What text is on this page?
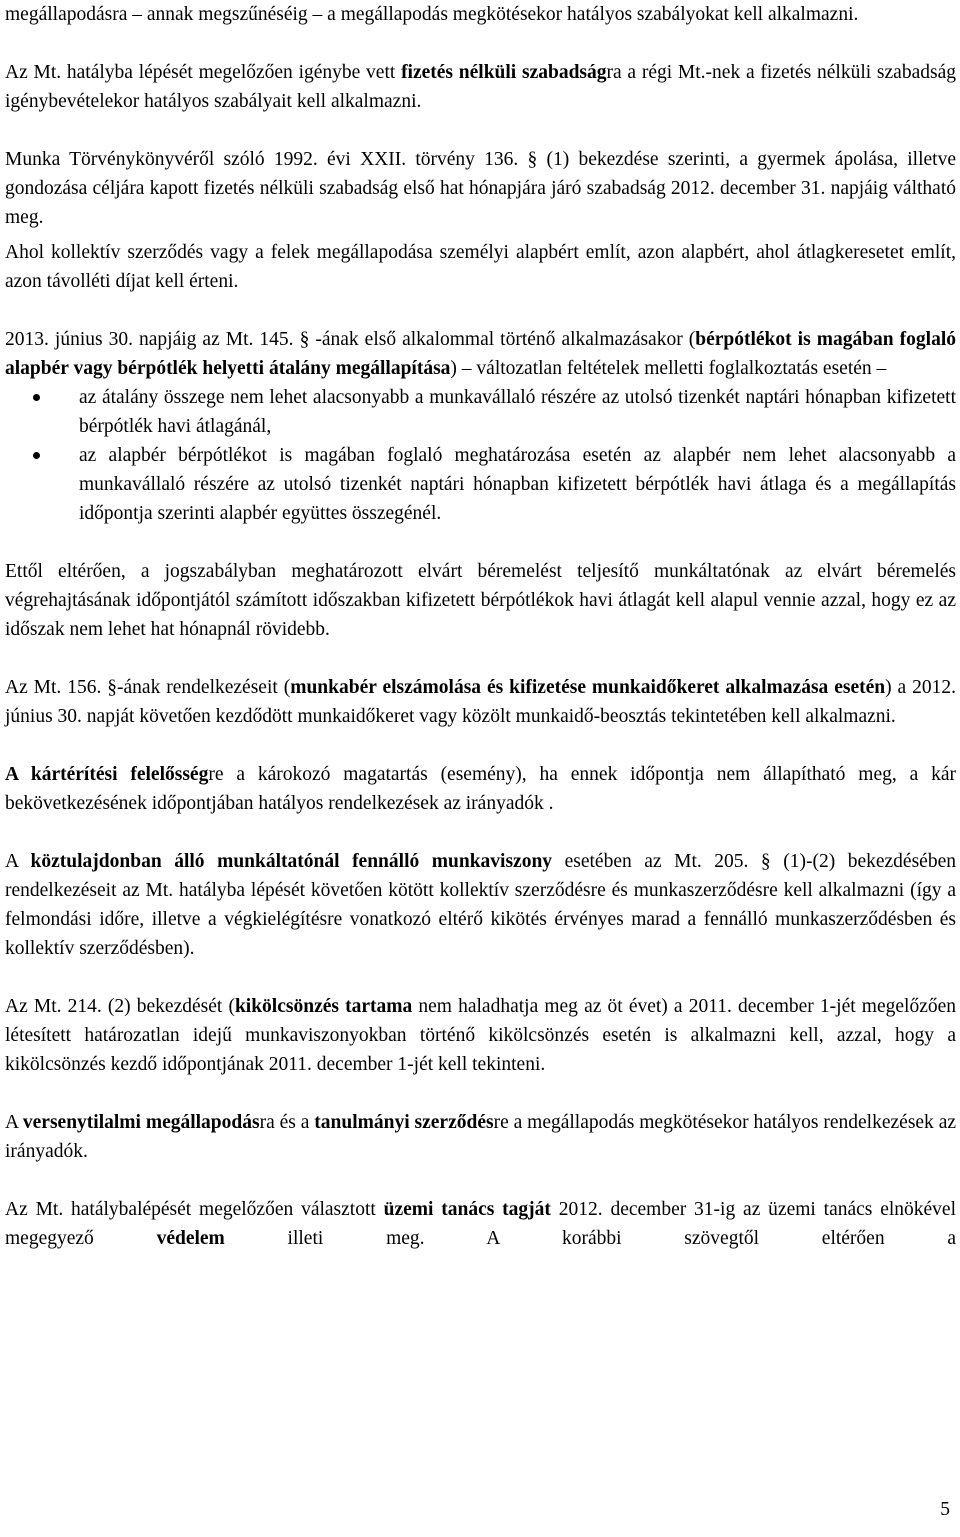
megállapodásra – annak megszűnéséig – a megállapodás megkötésekor hatályos szabályokat kell alkalmazni.

Az Mt. hatályba lépését megelőzően igénybe vett fizetés nélküli szabadságra a régi Mt.-nek a fizetés nélküli szabadság igénybevételekor hatályos szabályait kell alkalmazni.

Munka Törvénykönyvéről szóló 1992. évi XXII. törvény 136. § (1) bekezdése szerinti, a gyermek ápolása, illetve gondozása céljára kapott fizetés nélküli szabadság első hat hónapjára járó szabadság 2012. december 31. napjáig váltható meg.

Ahol kollektív szerződés vagy a felek megállapodása személyi alapbért említ, azon alapbért, ahol átlagkeresetet említ, azon távolléti díjat kell érteni.

2013. június 30. napjáig az Mt. 145. § -ának első alkalommal történő alkalmazásakor (bérpótlékot is magában foglaló alapbér vagy bérpótlék helyetti átalány megállapítása) – változatlan feltételek melletti foglalkoztatás esetén –

az átalány összege nem lehet alacsonyabb a munkavállaló részére az utolsó tizenkét naptári hónapban kifizetett bérpótlék havi átlagánál,
az alapbér bérpótlékot is magában foglaló meghatározása esetén az alapbér nem lehet alacsonyabb a munkavállaló részére az utolsó tizenkét naptári hónapban kifizetett bérpótlék havi átlaga és a megállapítás időpontja szerinti alapbér együttes összegénél.

Ettől eltérően, a jogszabályban meghatározott elvárt béremelést teljesítő munkáltatónak az elvárt béremelés végrehajtásának időpontjától számított időszakban kifizetett bérpótlékok havi átlagát kell alapul vennie azzal, hogy ez az időszak nem lehet hat hónapnál rövidebb.

Az Mt. 156. §-ának rendelkezéseit (munkabér elszámolása és kifizetése munkaidőkeret alkalmazása esetén) a 2012. június 30. napját követően kezdődött munkaidőkeret vagy közölt munkaidő-beosztás tekintetében kell alkalmazni.

A kártérítési felelősségre a károkozó magatartás (esemény), ha ennek időpontja nem állapítható meg, a kár bekövetkezésének időpontjában hatályos rendelkezések az irányadók .

A köztulajdonban álló munkáltatónál fennálló munkaviszony esetében az Mt. 205. § (1)-(2) bekezdésében rendelkezéseit az Mt. hatályba lépését követően kötött kollektív szerződésre és munkaszerződésre kell alkalmazni (így a felmondási időre, illetve a végkielégítésre vonatkozó eltérő kikötés érvényes marad a fennálló munkaszerződésben és kollektív szerződésben).

Az Mt. 214. (2) bekezdését (kikölcsönzés tartama nem haladhatja meg az öt évet) a 2011. december 1-jét megelőzően létesített határozatlan idejű munkaviszonyokban történő kikölcsönzés esetén is alkalmazni kell, azzal, hogy a kikölcsönzés kezdő időpontjának 2011. december 1-jét kell tekinteni.

A versenytilalmi megállapodásra és a tanulmányi szerződésre a megállapodás megkötésekor hatályos rendelkezések az irányadók.

Az Mt. hatálybalépését megelőzően választott üzemi tanács tagját 2012. december 31-ig az üzemi tanács elnökével megegyező védelem illeti meg. A korábbi szövegtől eltérően a

5
